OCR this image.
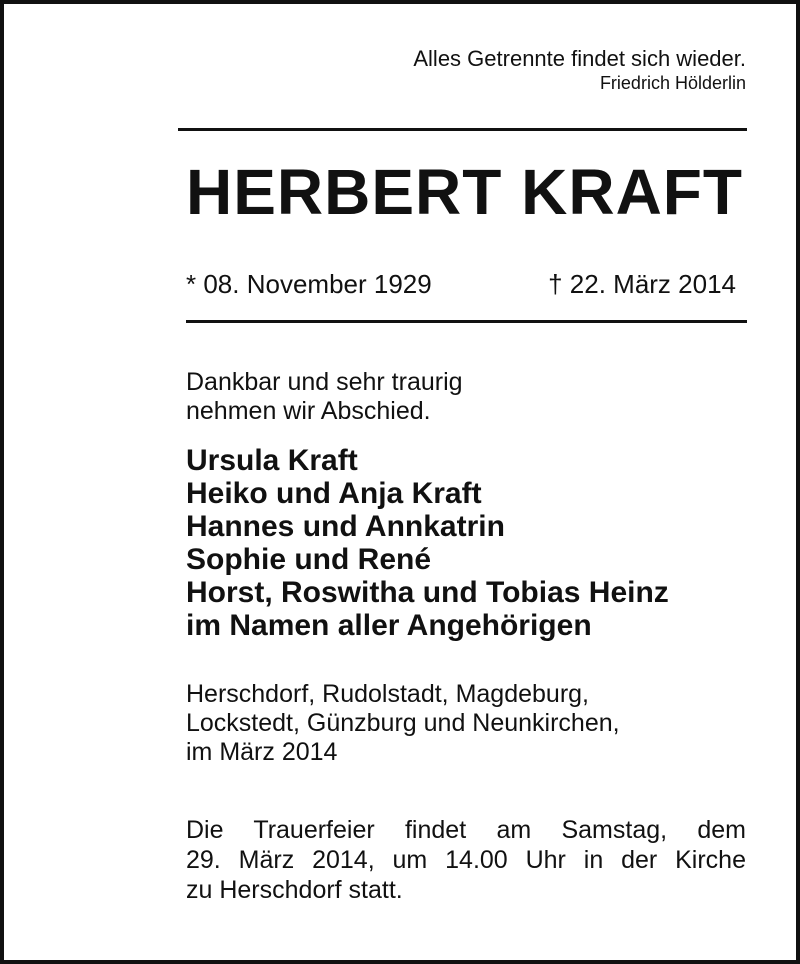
Alles Getrennte findet sich wieder.
Friedrich Hölderlin
HERBERT KRAFT
* 08. November 1929	† 22. März 2014
Dankbar und sehr traurig
nehmen wir Abschied.
Ursula Kraft
Heiko und Anja Kraft
Hannes und Annkatrin
Sophie und René
Horst, Roswitha und Tobias Heinz
im Namen aller Angehörigen
Herschdorf, Rudolstadt, Magdeburg,
Lockstedt, Günzburg und Neunkirchen,
im März 2014
Die Trauerfeier findet am Samstag, dem
29. März 2014, um 14.00 Uhr in der Kirche
zu Herschdorf statt.
